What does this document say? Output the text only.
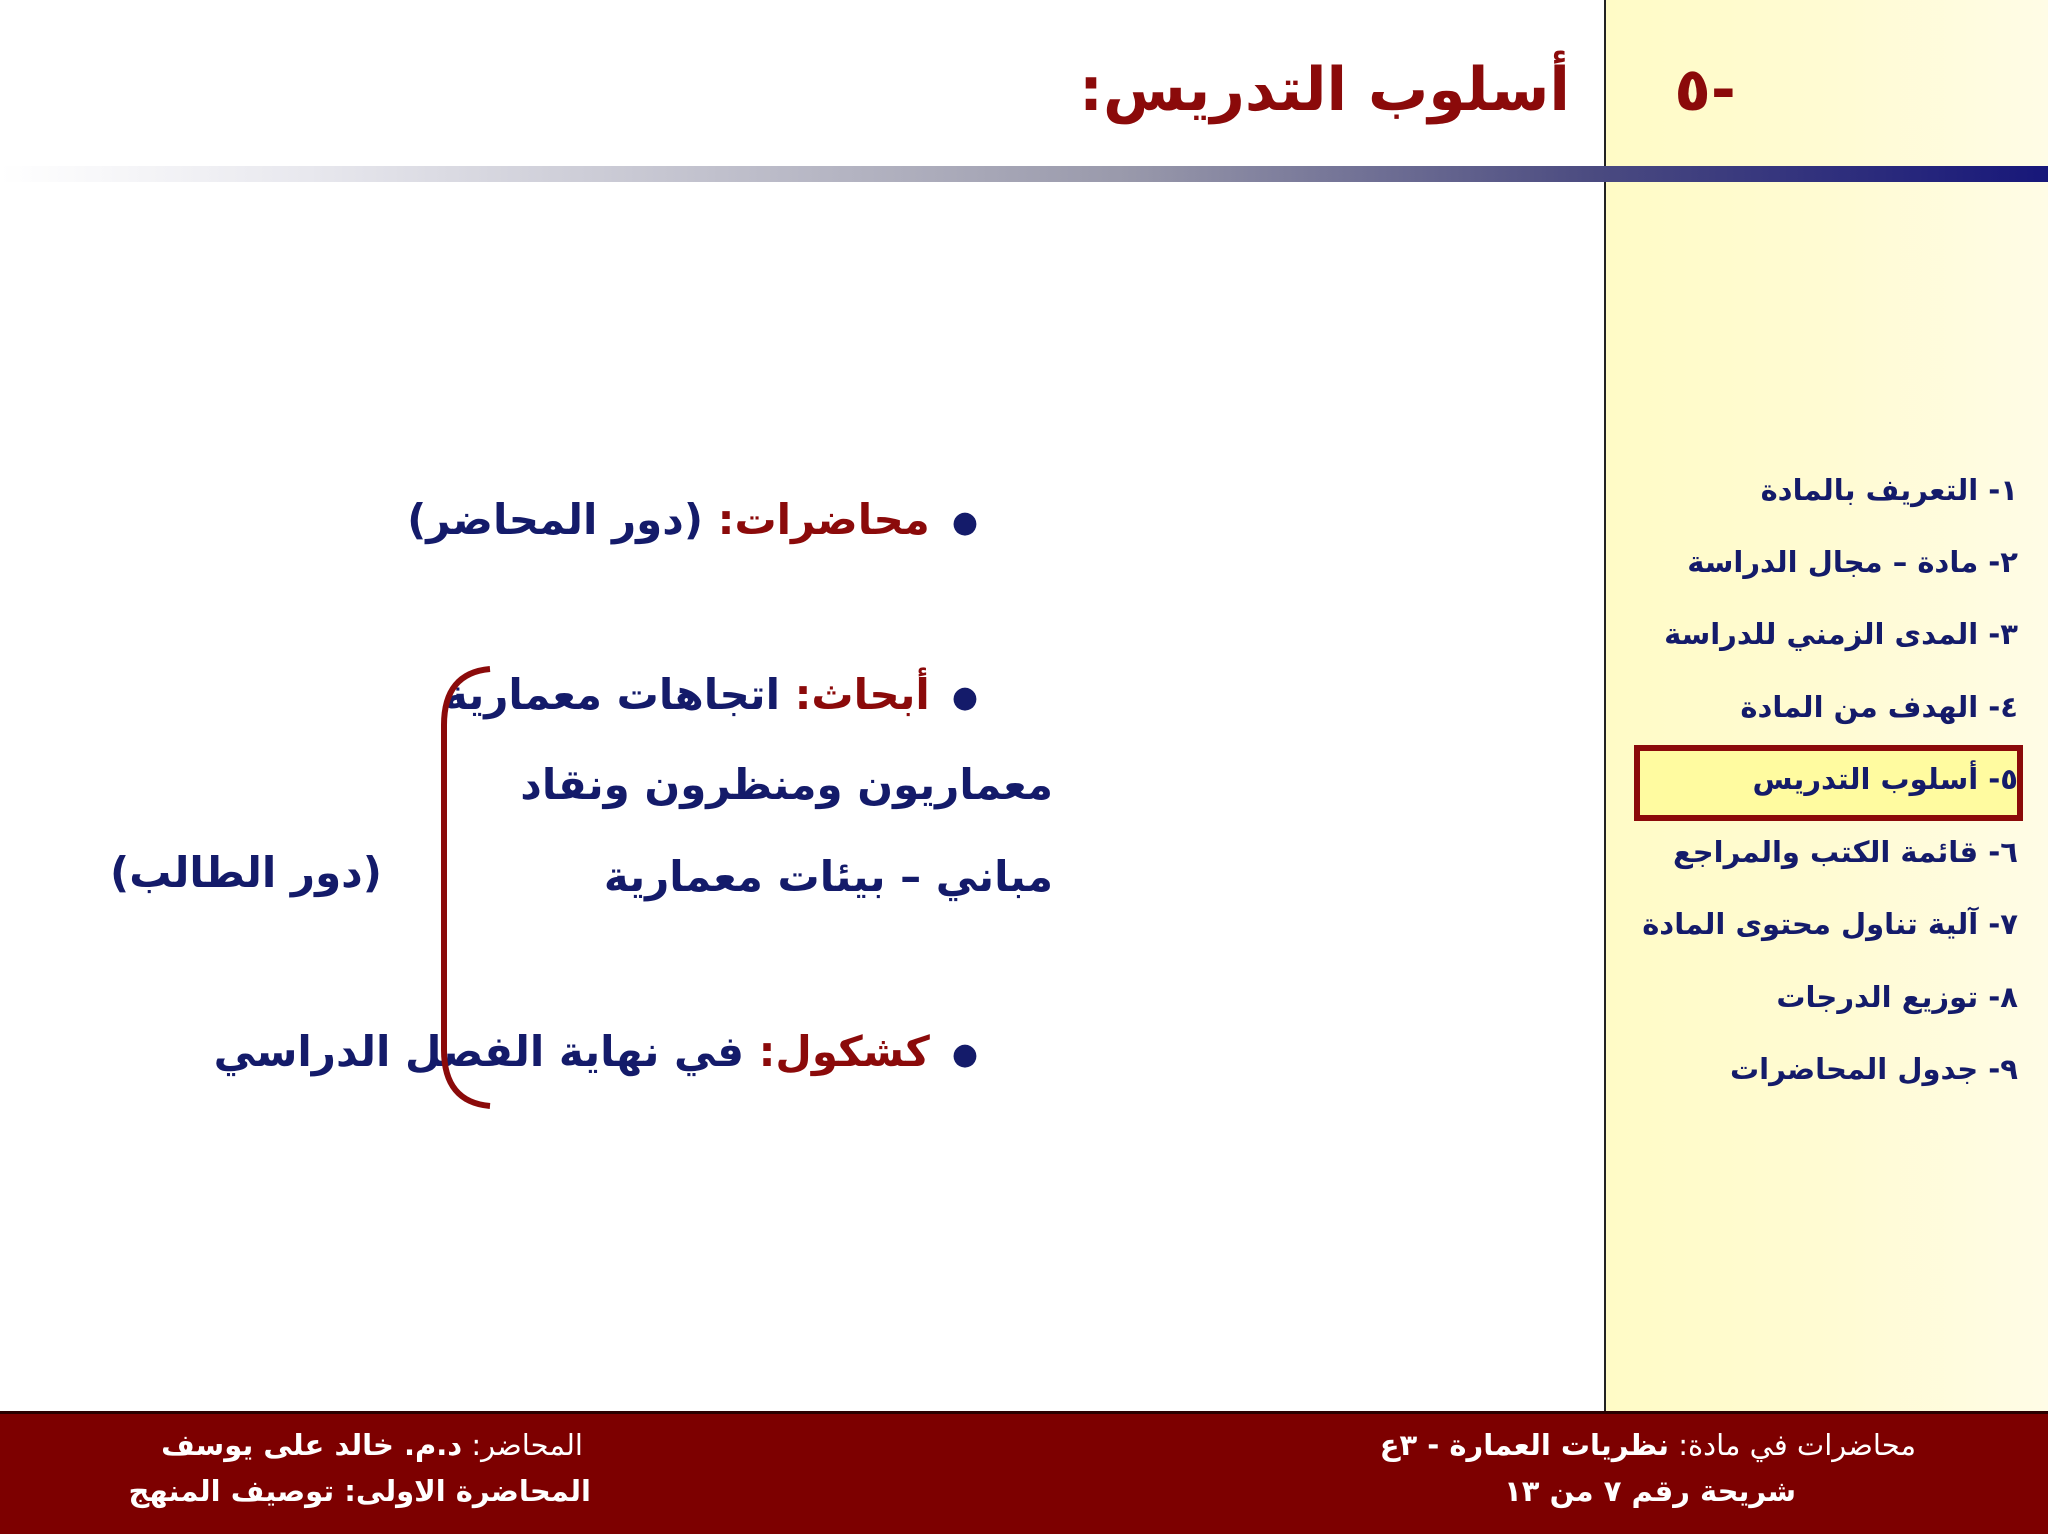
٥-
أسلوب التدريس:
١- التعريف بالمادة
٢- مادة – مجال الدراسة
٣- المدى الزمني للدراسة
٤- الهدف من المادة
٥- أسلوب التدريس
٦- قائمة الكتب والمراجع
٧- آلية تناول محتوى المادة
٨- توزيع الدرجات
٩- جدول المحاضرات
●محاضرات: (دور المحاضر)
●أبحاث: اتجاهات معمارية
معماريون ومنظرون ونقاد
مباني – بيئات معمارية
●كشكول: في نهاية الفصل الدراسي
(دور الطالب)
محاضرات في مادة: نظريات العمارة - ٣ع
شريحة رقم ٧ من ١٣
المحاضر: د.م. خالد على يوسف
المحاضرة الاولى: توصيف المنهج
